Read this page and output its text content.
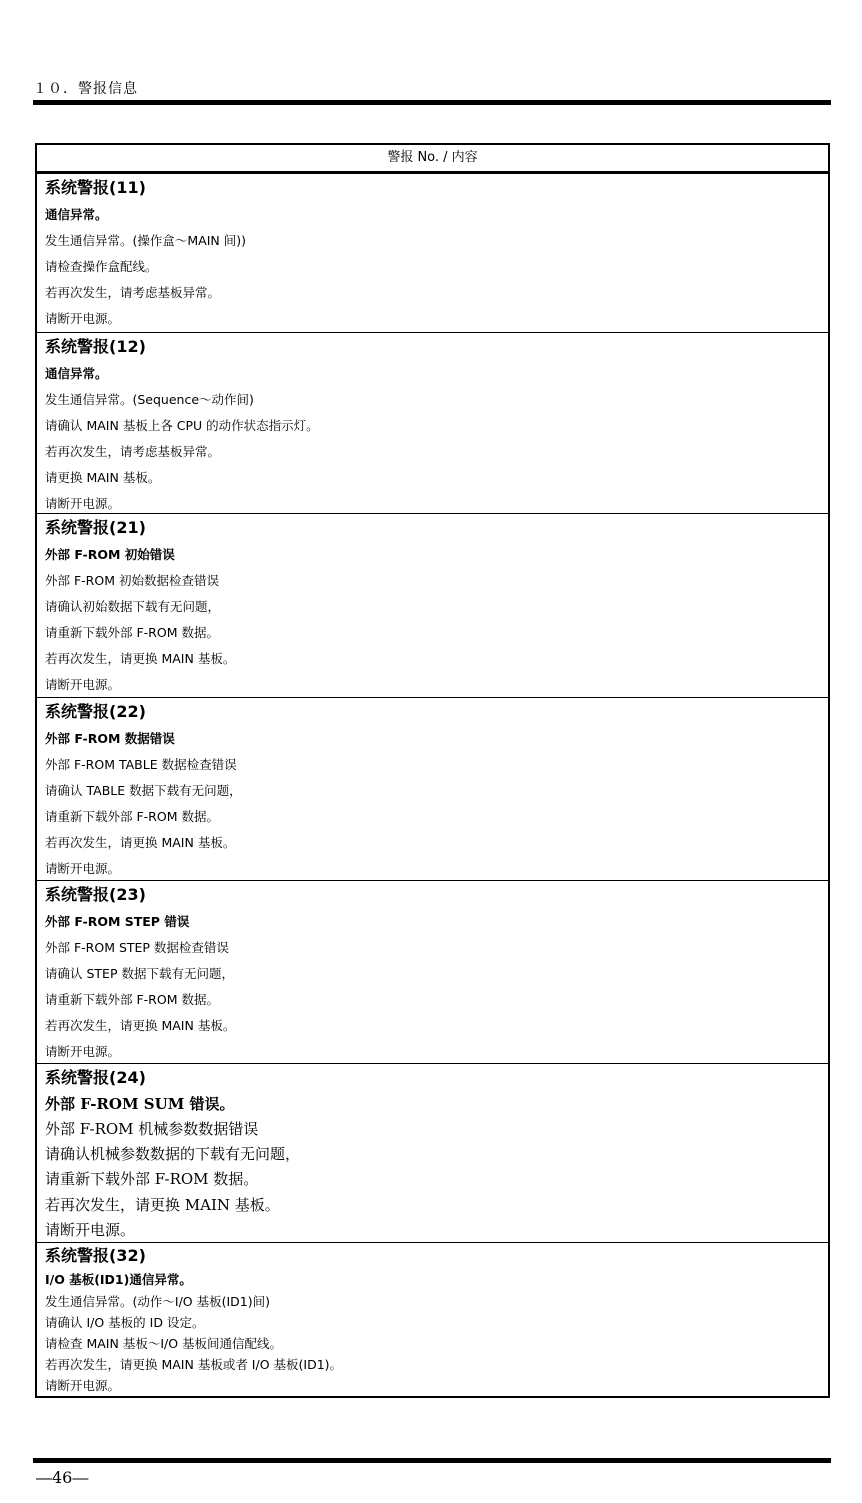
１０．警报信息
警报 No. / 内容
系统警报(11)
通信异常。
发生通信异常。(操作盒～MAIN 间))
请检查操作盒配线。
若再次发生，请考虑基板异常。
请断开电源。
系统警报(12)
通信异常。
发生通信异常。(Sequence～动作间)
请确认 MAIN 基板上各 CPU 的动作状态指示灯。
若再次发生，请考虑基板异常。
请更换 MAIN 基板。
请断开电源。
系统警报(21)
外部 F-ROM 初始错误
外部 F-ROM 初始数据检查错误
请确认初始数据下载有无问题，
请重新下载外部 F-ROM 数据。
若再次发生，请更换 MAIN 基板。
请断开电源。
系统警报(22)
外部 F-ROM 数据错误
外部 F-ROM TABLE 数据检查错误
请确认 TABLE 数据下载有无问题，
请重新下载外部 F-ROM 数据。
若再次发生，请更换 MAIN 基板。
请断开电源。
系统警报(23)
外部 F-ROM STEP 错误
外部 F-ROM STEP 数据检查错误
请确认 STEP 数据下载有无问题，
请重新下载外部 F-ROM 数据。
若再次发生，请更换 MAIN 基板。
请断开电源。
系统警报(24)
外部 F-ROM SUM 错误。
外部 F-ROM 机械参数数据错误
请确认机械参数数据的下载有无问题，
请重新下载外部 F-ROM 数据。
若再次发生，请更换 MAIN 基板。
请断开电源。
系统警报(32)
I/O 基板(ID1)通信异常。
发生通信异常。(动作～I/O 基板(ID1)间)
请确认 I/O 基板的 ID 设定。
请检查 MAIN 基板～I/O 基板间通信配线。
若再次发生，请更换 MAIN 基板或者 I/O 基板(ID1)。
请断开电源。
―46―
